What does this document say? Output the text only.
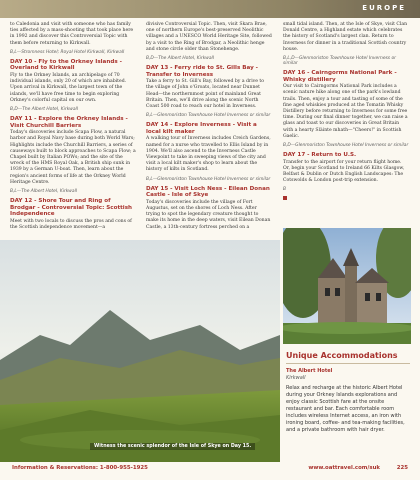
EUROPE

to Caledonia and visit with someone who has family ties affected by a mass-shooting that took place here in 1992 and discover this Controversial Topic with them before returning to Kirkwall.

B,L—Stromness Hotel; Royal Hotel Kirkwall, Kirkwall
DAY 10 - Fly to the Orkney Islands - Overland to Kirkwall

Fly to the Orkney Islands, an archipelago of 70 individual islands, only 20 of which are inhabited. Upon arrival in Kirkwall, the largest town of the islands, we'll have free time to begin exploring Orkney's colorful capital on our own.

B,D—The Albert Hotel, Kirkwall
DAY 11 - Explore the Orkney Islands - Visit Churchill Barriers

Today's discoveries include Scapa Flow, a natural harbor and Royal Navy base during both World Wars; Highlights include the Churchill Barriers, a series of causeways built to block approaches to Scapa Flow; a Chapel built by Italian POWs; and the site of the wreck of the HMS Royal Oak, a British ship sunk in 1939 by a German U-boat. Then, learn about the region's ancient forms of life at the Orkney World Heritage Centre.

B,L—The Albert Hotel, Kirkwall
DAY 12 - Shore Tour and Ring of Brodgar - Controversial Topic: Scottish Independence

Meet with two locals to discuss the pros and cons of the Scottish independence movement—a

divisive Controversial Topic. Then, visit Skara Brae, one of northern Europe's best-preserved Neolithic villages and a UNESCO World Heritage Site, followed by a visit to the Ring of Brodgar, a Neolithic henge and stone circle older than Stonehenge.

B,D—The Albert Hotel, Kirkwall
DAY 13 - Ferry ride to St. Gills Bay - Transfer to Inverness

Take a ferry to St. Gill's Bay, followed by a drive to the village of John o'Groats, located near Dunnet Head—the northernmost point of mainland Great Britain. Then, we'll drive along the scenic North Coast 500 road to reach our hotel in Inverness.

B,L—Glenmoriston Townhouse Hotel Inverness or similar
DAY 14 - Explore Inverness - Visit a local kilt maker

A walking tour of Inverness includes Creich Gardens, named for a nurse who travelled to Ellis Island by in 1904. We'll also ascend to the Inverness Castle Viewpoint to take in sweeping views of the city and visit a local kilt maker's shop to learn about the history of kilts in Scotland.

B,L—Glenmoriston Townhouse Hotel Inverness or similar
DAY 15 - Visit Loch Ness - Eilean Donan Castle - Isle of Skye

Today's discoveries include the village of Fort Augustus, set on the shores of Loch Ness. After trying to spot the legendary creature thought to make its home in the deep waters, visit Eilean Donan Castle, a 13th-century fortress perched on a

small tidal island. Then, at the Isle of Skye, visit Clan Donald Centre, a Highland estate which celebrates the history of Scotland's largest clan. Return to Inverness for dinner in a traditional Scottish country house.

B,L,D—Glenmoriston Townhouse Hotel Inverness or similar
DAY 16 - Cairngorms National Park - Whisky distillery

Our visit to Cairngorms National Park includes a scenic nature hike along one of the park's lowland trails. Then, enjoy a tour and tasting of some of the fine aged whiskies produced at the Tomatin Whisky Distillery before returning to Inverness for some free time. During our final dinner together, we can raise a glass and toast to our discoveries in Great Britain with a hearty Slàinte mhath—"Cheers!" in Scottish Gaelic.

B,D—Glenmoriston Townhouse Hotel Inverness or similar
DAY 17 - Return to U.S.

Transfer to the airport for your return flight home. Or, begin your Scotland to Ireland 66 Kilts Glasgow, Belfast & Dublin or Dutch English Landscapes: The Cotswolds & London post-trip extension.

B
Witness the scenic splendor of the Isle of Skye on Day 15.
Unique Accommodations
The Albert Hotel
Kirkwall
Relax and recharge at the historic Albert Hotel during your Orkney Islands explorations and enjoy classic Scottish fare at the onsite restaurant and bar. Each comfortable room includes wireless Internet access, an iron with ironing board, coffee- and tea-making facilities, and a private bathroom with hair dryer.
Information & Reservations: 1-800-955-1925	www.oattravel.com/suk	225
